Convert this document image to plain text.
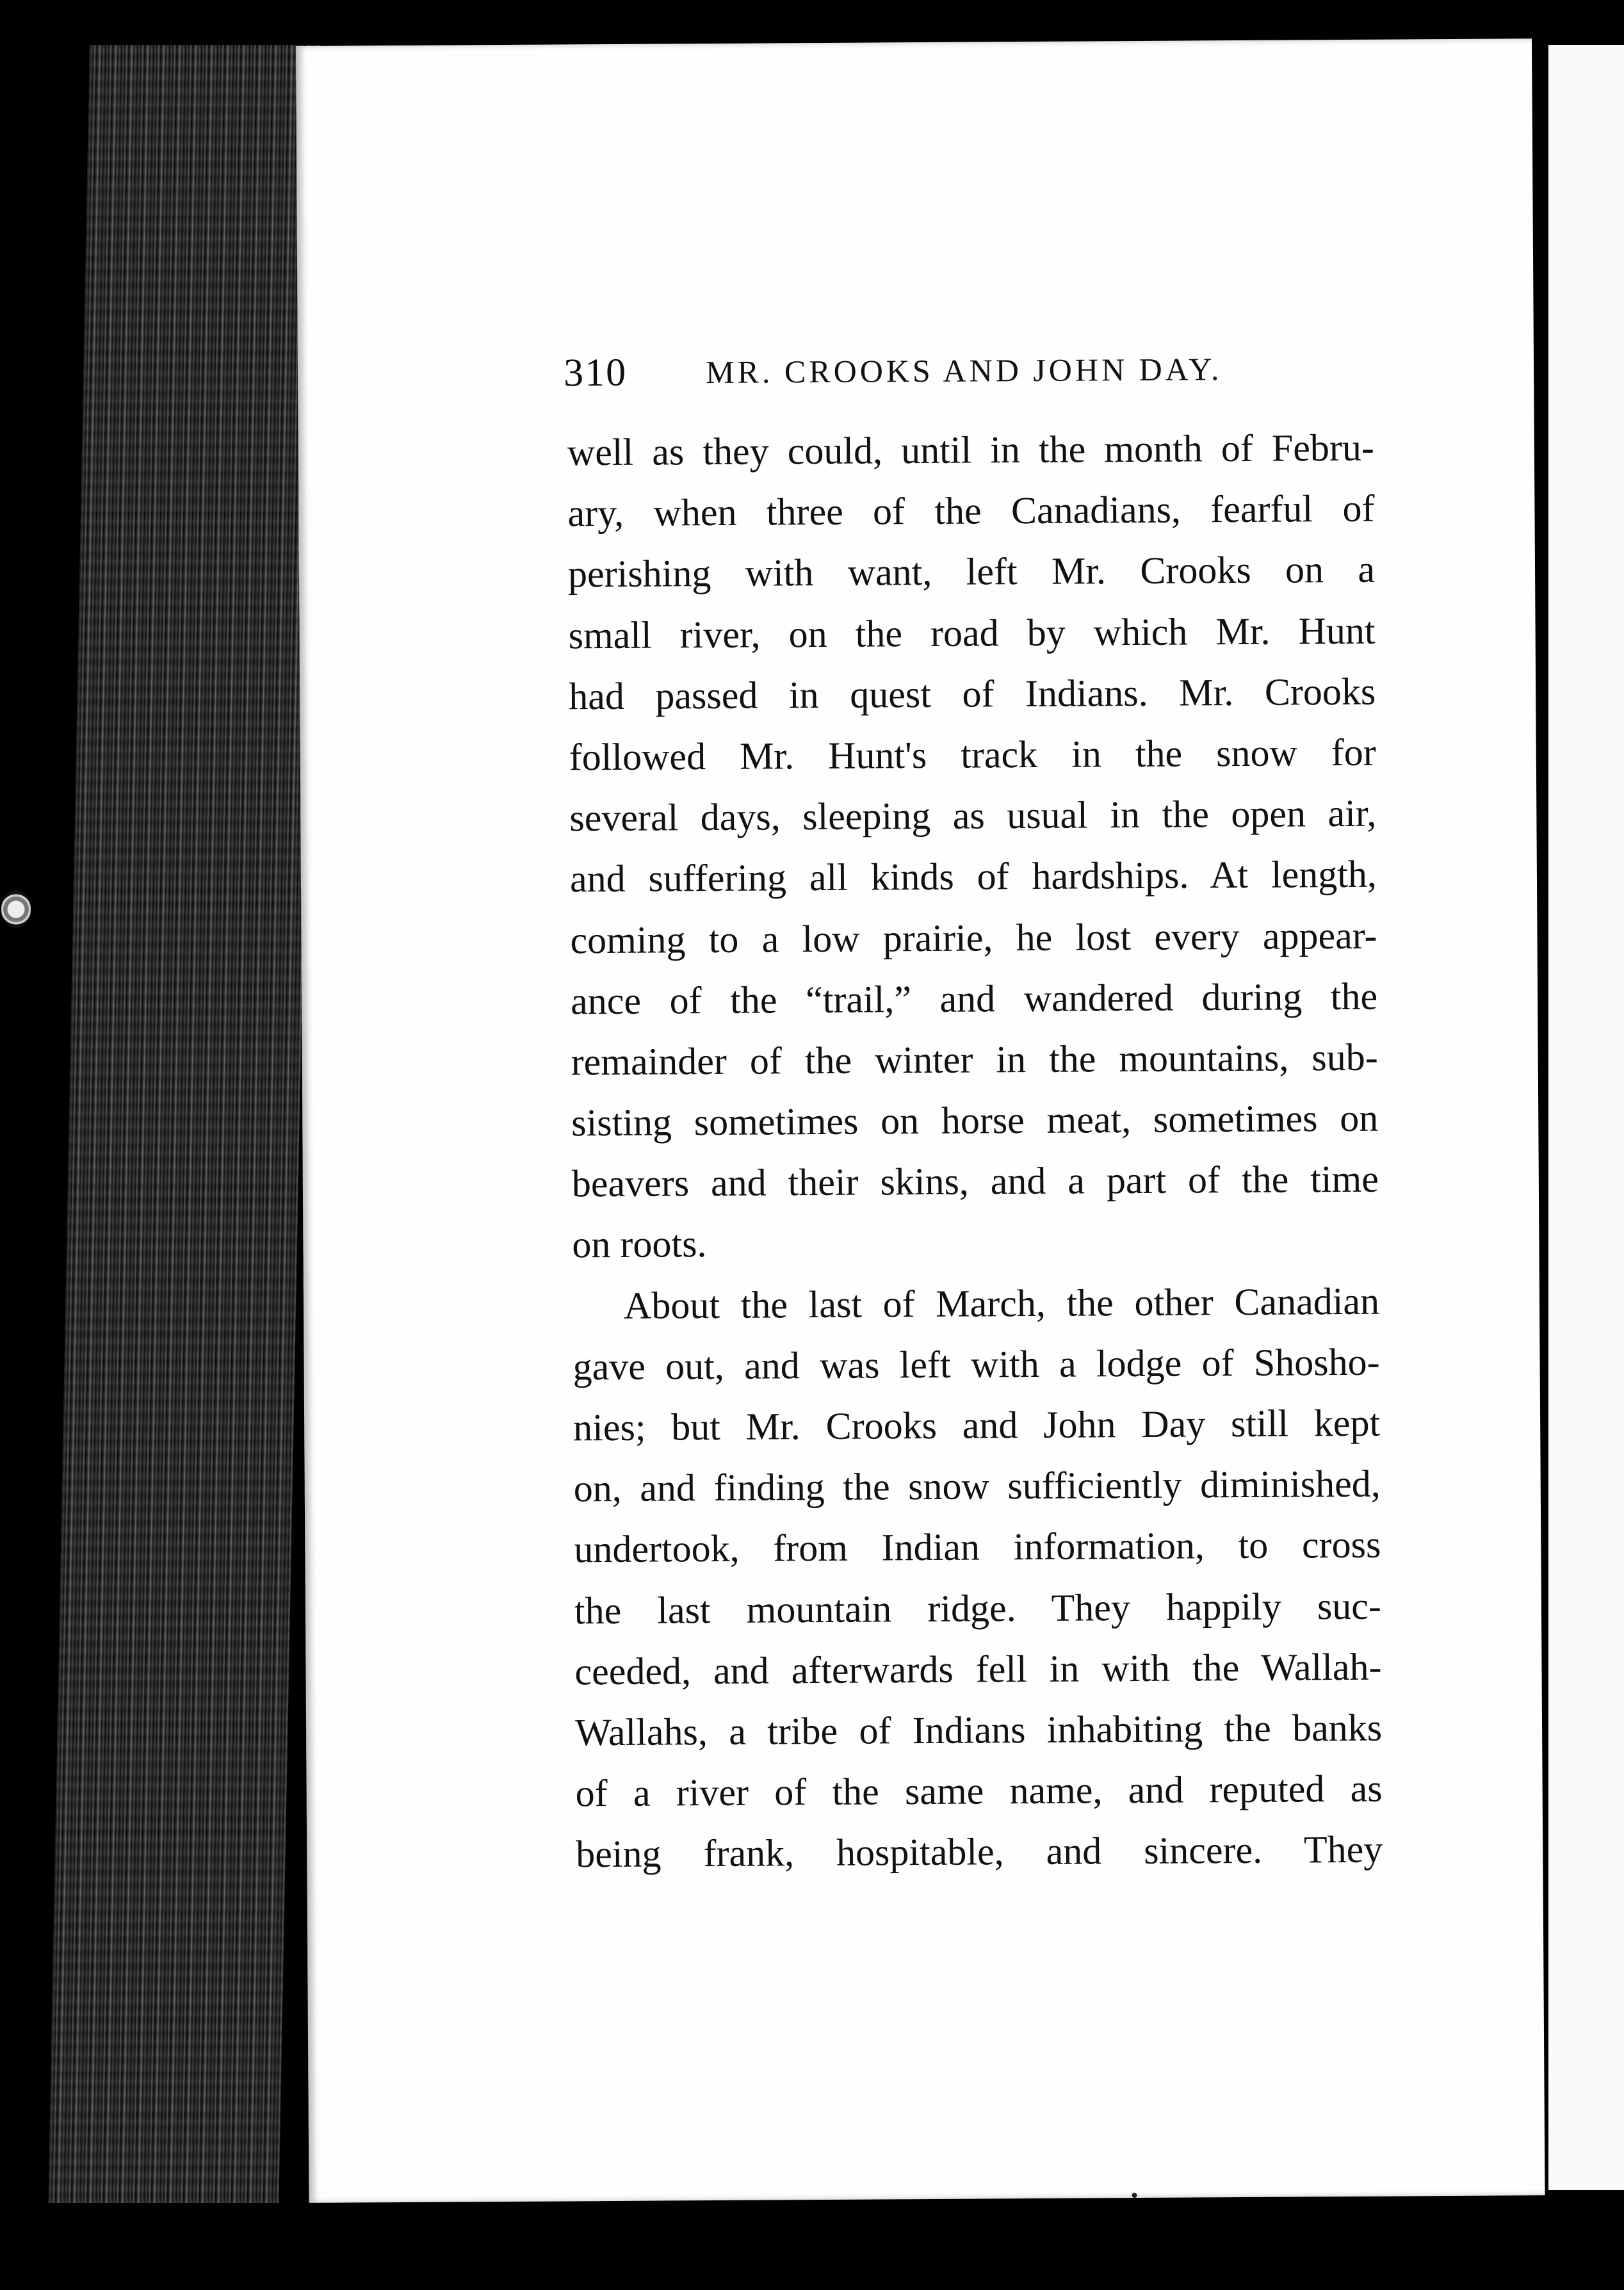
310 MR. CROOKS AND JOHN DAY.
well as they could, until in the month of Febru-
ary, when three of the Canadians, fearful of
perishing with want, left Mr. Crooks on a
small river, on the road by which Mr. Hunt
had passed in quest of Indians. Mr. Crooks
followed Mr. Hunt's track in the snow for
several days, sleeping as usual in the open air,
and suffering all kinds of hardships. At length,
coming to a low prairie, he lost every appear-
ance of the “trail,” and wandered during the
remainder of the winter in the mountains, sub-
sisting sometimes on horse meat, sometimes on
beavers and their skins, and a part of the time
on roots.
About the last of March, the other Canadian
gave out, and was left with a lodge of Shosho-
nies; but Mr. Crooks and John Day still kept
on, and finding the snow sufficiently diminished,
undertook, from Indian information, to cross
the last mountain ridge. They happily suc-
ceeded, and afterwards fell in with the Wallah-
Wallahs, a tribe of Indians inhabiting the banks
of a river of the same name, and reputed as
being frank, hospitable, and sincere. They
